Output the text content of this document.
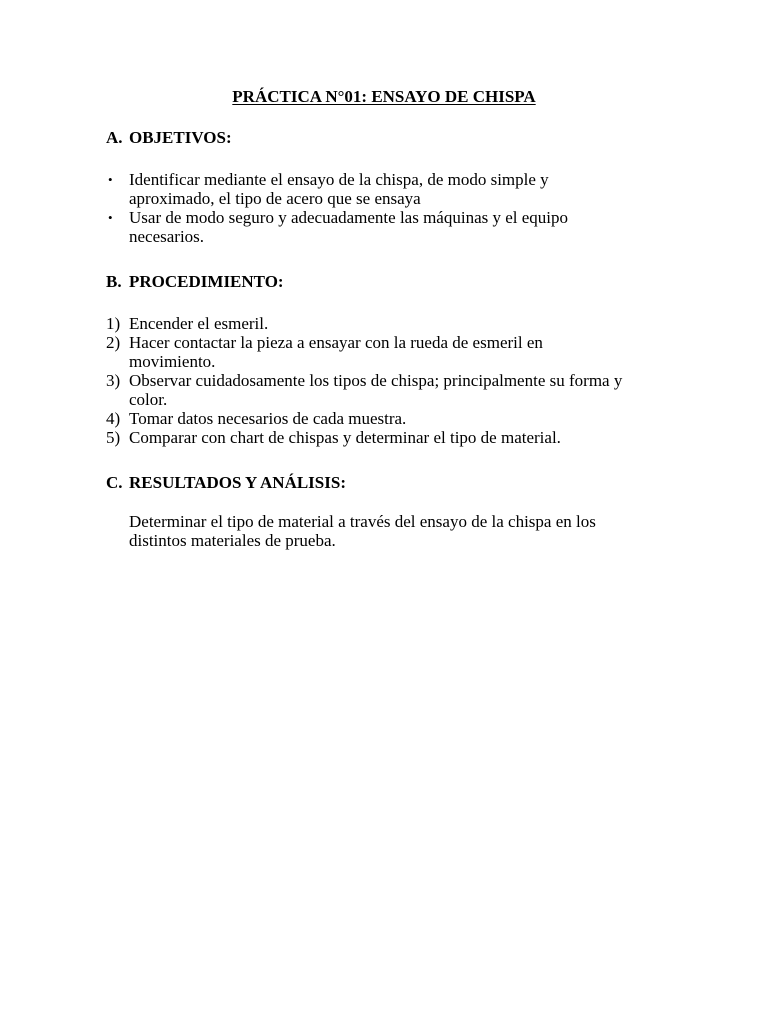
PRÁCTICA N°01: ENSAYO DE CHISPA
A. OBJETIVOS:
• Identificar mediante el ensayo de la chispa, de modo simple y
aproximado, el tipo de acero que se ensaya
• Usar de modo seguro y adecuadamente las máquinas y el equipo
necesarios.
B. PROCEDIMIENTO:
1) Encender el esmeril.
2) Hacer contactar la pieza a ensayar con la rueda de esmeril en
movimiento.
3) Observar cuidadosamente los tipos de chispa; principalmente su forma y
color.
4) Tomar datos necesarios de cada muestra.
5) Comparar con chart de chispas y determinar el tipo de material.
C. RESULTADOS Y ANÁLISIS:

Determinar el tipo de material a través del ensayo de la chispa en los
distintos materiales de prueba.
